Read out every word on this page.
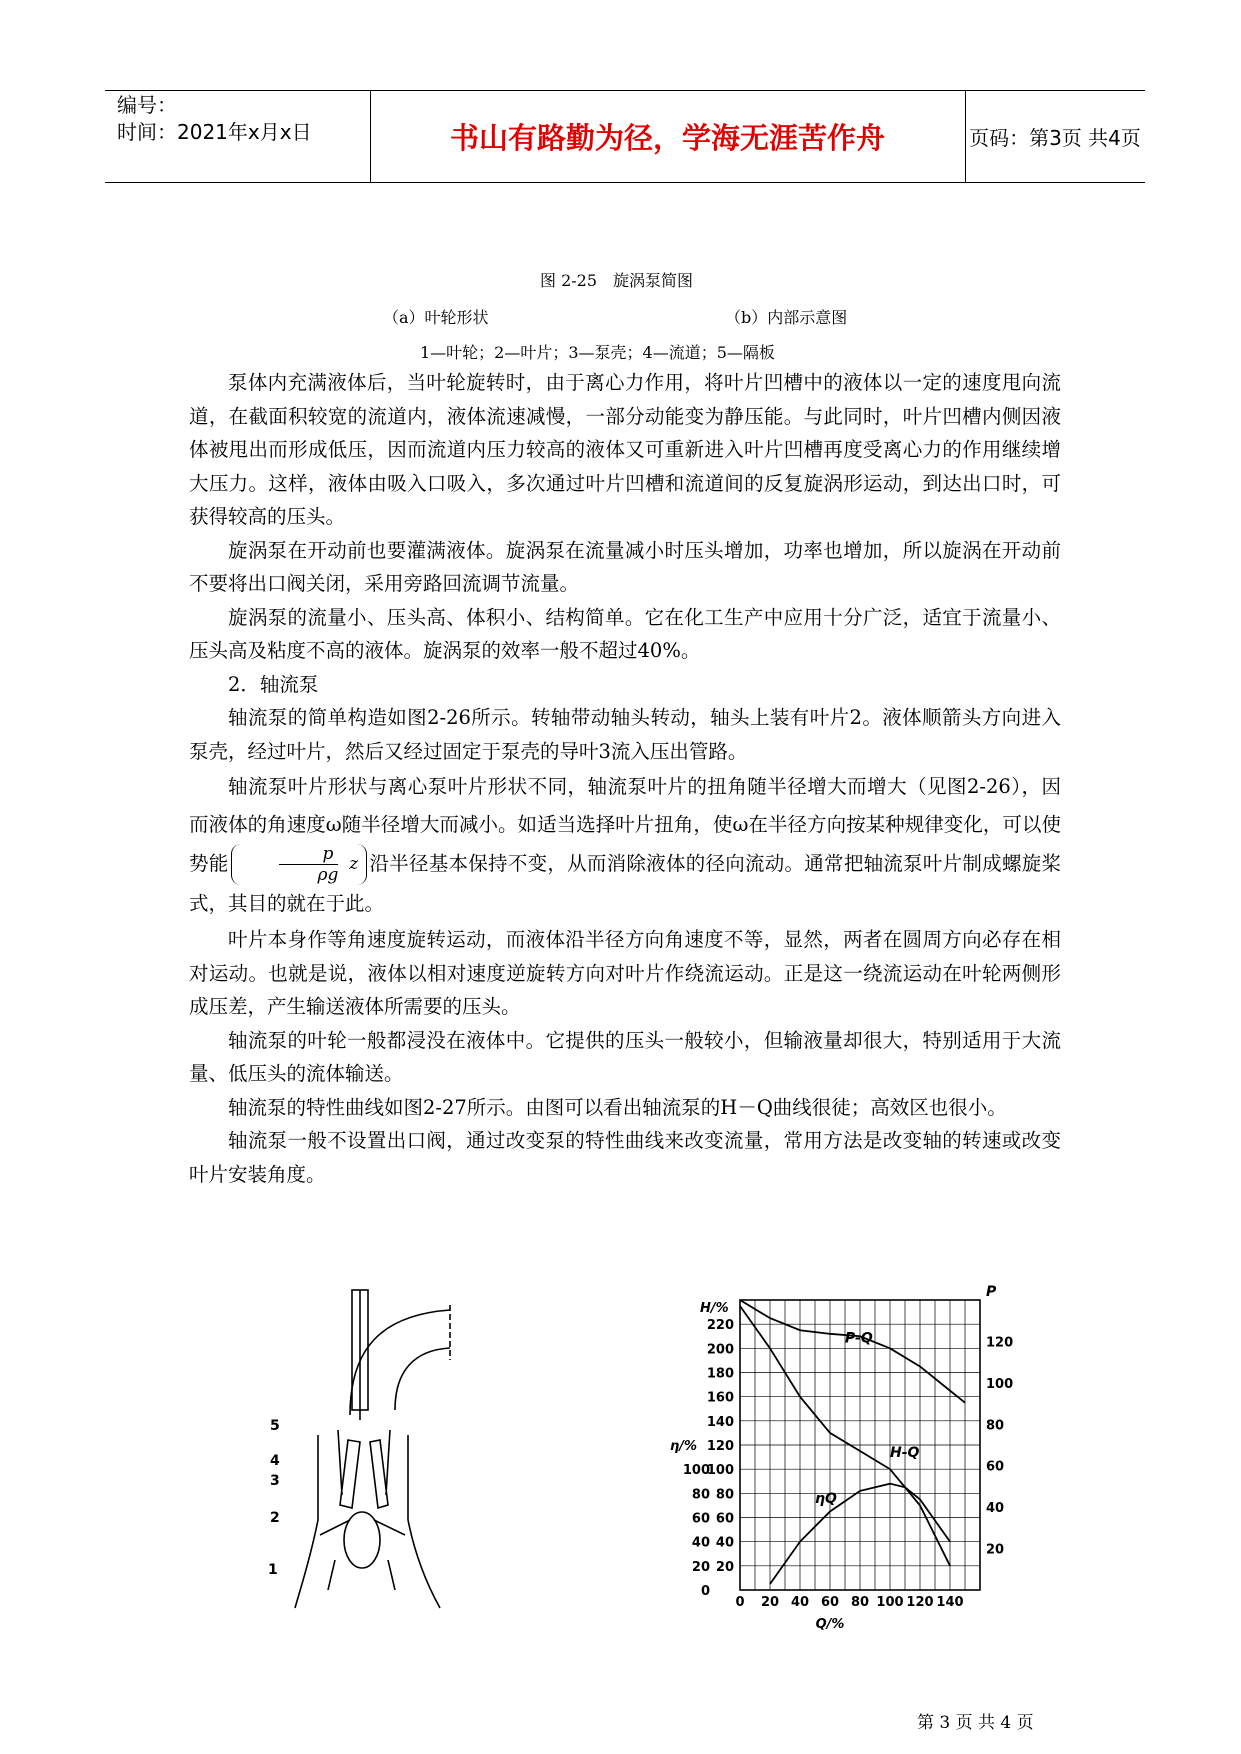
编号：
时间：2021年x月x日	书山有路勤为径，学海无涯苦作舟	页码：第3页 共4页
图 2-25　旋涡泵简图
（a）叶轮形状	（b）内部示意图
1—叶轮；2—叶片；3—泵壳；4—流道；5—隔板

泵体内充满液体后，当叶轮旋转时，由于离心力作用，将叶片凹槽中的液体以一定的速度甩向流道，在截面积较宽的流道内，液体流速减慢，一部分动能变为静压能。与此同时，叶片凹槽内侧因液体被甩出而形成低压，因而流道内压力较高的液体又可重新进入叶片凹槽再度受离心力的作用继续增大压力。这样，液体由吸入口吸入，多次通过叶片凹槽和流道间的反复旋涡形运动，到达出口时，可获得较高的压头。

旋涡泵在开动前也要灌满液体。旋涡泵在流量减小时压头增加，功率也增加，所以旋涡在开动前不要将出口阀关闭，采用旁路回流调节流量。

旋涡泵的流量小、压头高、体积小、结构简单。它在化工生产中应用十分广泛，适宜于流量小、压头高及粘度不高的液体。旋涡泵的效率一般不超过40%。

2．轴流泵

轴流泵的简单构造如图2-26所示。转轴带动轴头转动，轴头上装有叶片2。液体顺箭头方向进入泵壳，经过叶片，然后又经过固定于泵壳的导叶3流入压出管路。

轴流泵叶片形状与离心泵叶片形状不同，轴流泵叶片的扭角随半径增大而增大（见图2-26），因而液体的角速度ω随半径增大而减小。如适当选择叶片扭角，使ω在半径方向按某种规律变化，可以使势能	$\frac{p}{\rho g}$ z 沿半径基本保持不变，从而消除液体的径向流动。通常把轴流泵叶片制成螺旋桨式，其目的就在于此。

叶片本身作等角速度旋转运动，而液体沿半径方向角速度不等，显然，两者在圆周方向必存在相对运动。也就是说，液体以相对速度逆旋转方向对叶片作绕流运动。正是这一绕流运动在叶轮两侧形成压差，产生输送液体所需要的压头。

轴流泵的叶轮一般都浸没在液体中。它提供的压头一般较小，但输液量却很大，特别适用于大流量、低压头的流体输送。

轴流泵的特性曲线如图2-27所示。由图可以看出轴流泵的H－Q曲线很徒；高效区也很小。

轴流泵一般不设置出口阀，通过改变泵的特性曲线来改变流量，常用方法是改变轴的转速或改变叶片安装角度。

5
4
3
2
1
0 20 40 60 80 100 120 140
Q/%
220
200
180
160
140
120
100
80
60
40
20
H/%
100
80
60
40
20
0
η/%
120
100
80
60
40
20
P
H-Q
P-Q
ηQ
第 3 页 共 4 页
